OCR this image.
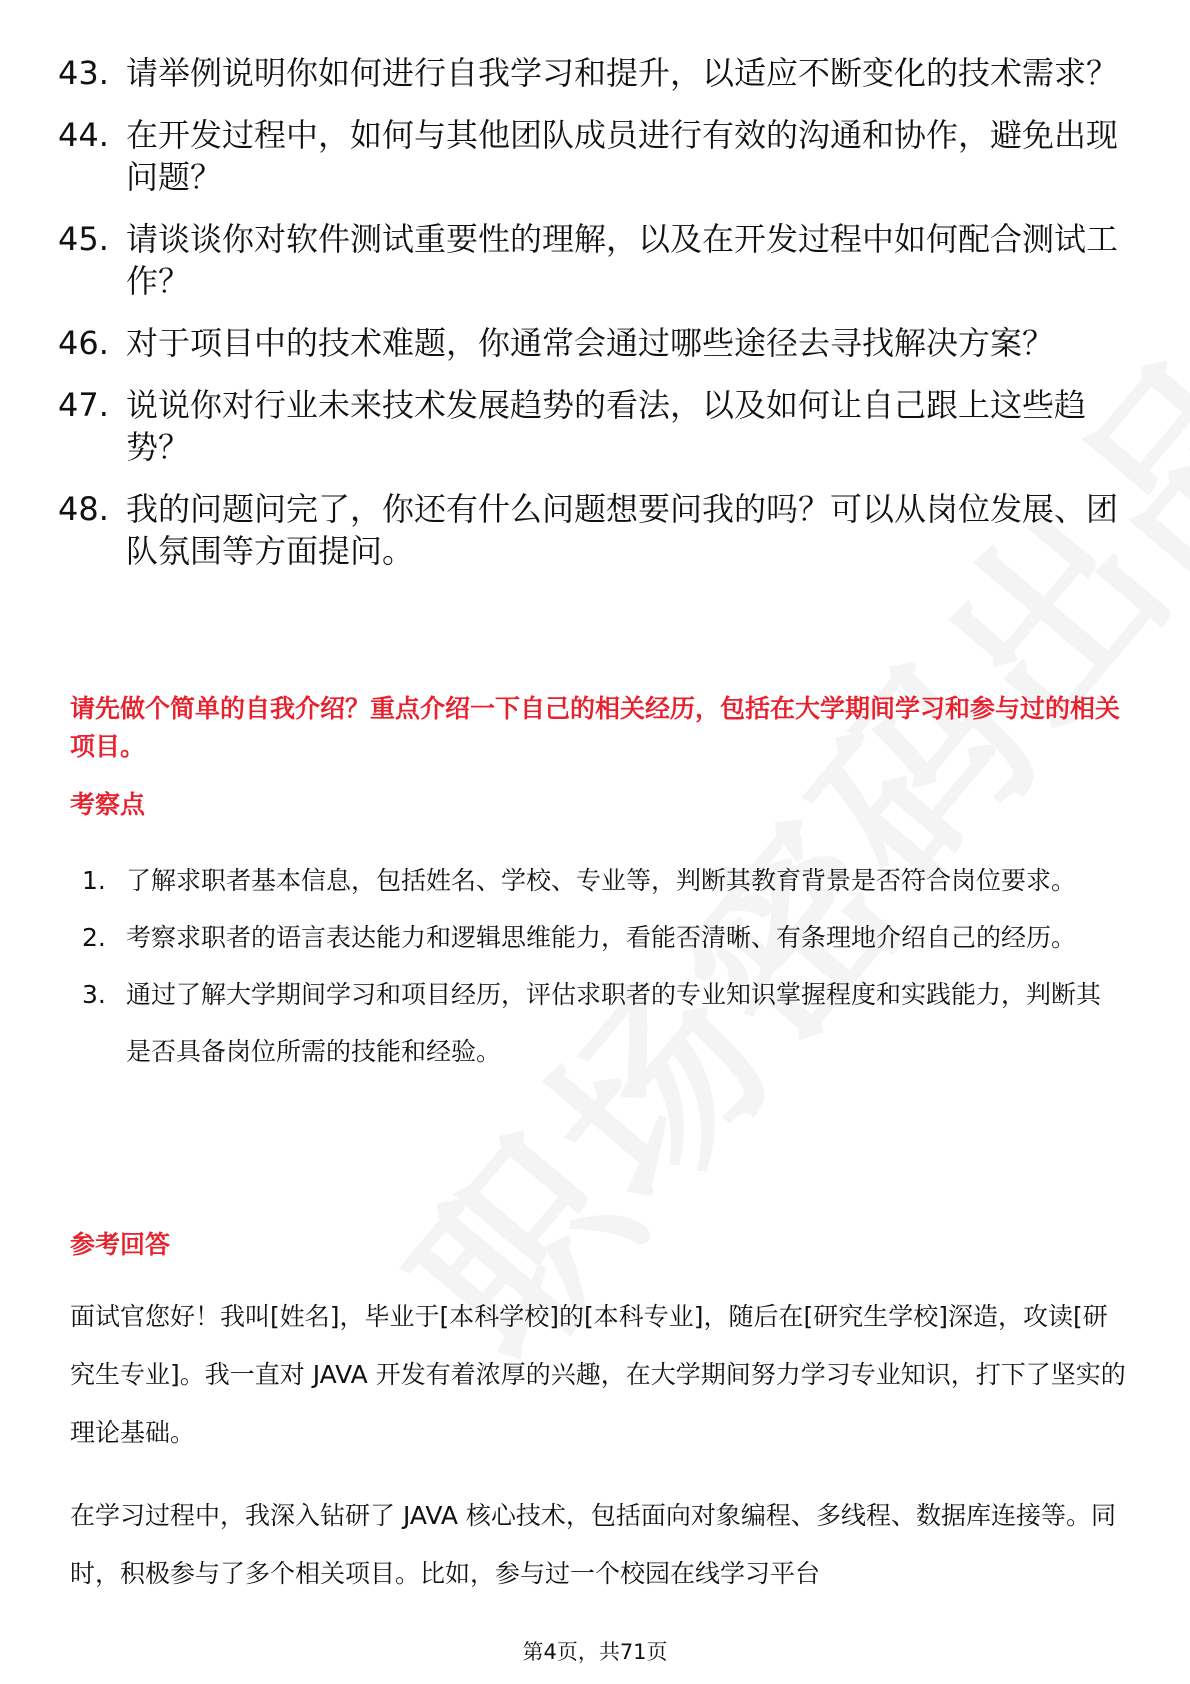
43. 请举例说明你如何进行自我学习和提升，以适应不断变化的技术需求？
44. 在开发过程中，如何与其他团队成员进行有效的沟通和协作，避免出现问题？
45. 请谈谈你对软件测试重要性的理解，以及在开发过程中如何配合测试工作？
46. 对于项目中的技术难题，你通常会通过哪些途径去寻找解决方案？
47. 说说你对行业未来技术发展趋势的看法，以及如何让自己跟上这些趋势？
48. 我的问题问完了，你还有什么问题想要问我的吗？可以从岗位发展、团队氛围等方面提问。
请先做个简单的自我介绍？重点介绍一下自己的相关经历，包括在大学期间学习和参与过的相关项目。
考察点
1. 了解求职者基本信息，包括姓名、学校、专业等，判断其教育背景是否符合岗位要求。
2. 考察求职者的语言表达能力和逻辑思维能力，看能否清晰、有条理地介绍自己的经历。
3. 通过了解大学期间学习和项目经历，评估求职者的专业知识掌握程度和实践能力，判断其是否具备岗位所需的技能和经验。
参考回答
面试官您好！我叫[姓名]，毕业于[本科学校]的[本科专业]，随后在[研究生学校]深造，攻读[研究生专业]。我一直对 JAVA 开发有着浓厚的兴趣，在大学期间努力学习专业知识，打下了坚实的理论基础。
在学习过程中，我深入钻研了 JAVA 核心技术，包括面向对象编程、多线程、数据库连接等。同时，积极参与了多个相关项目。比如，参与过一个校园在线学习平台
第4页，共71页
